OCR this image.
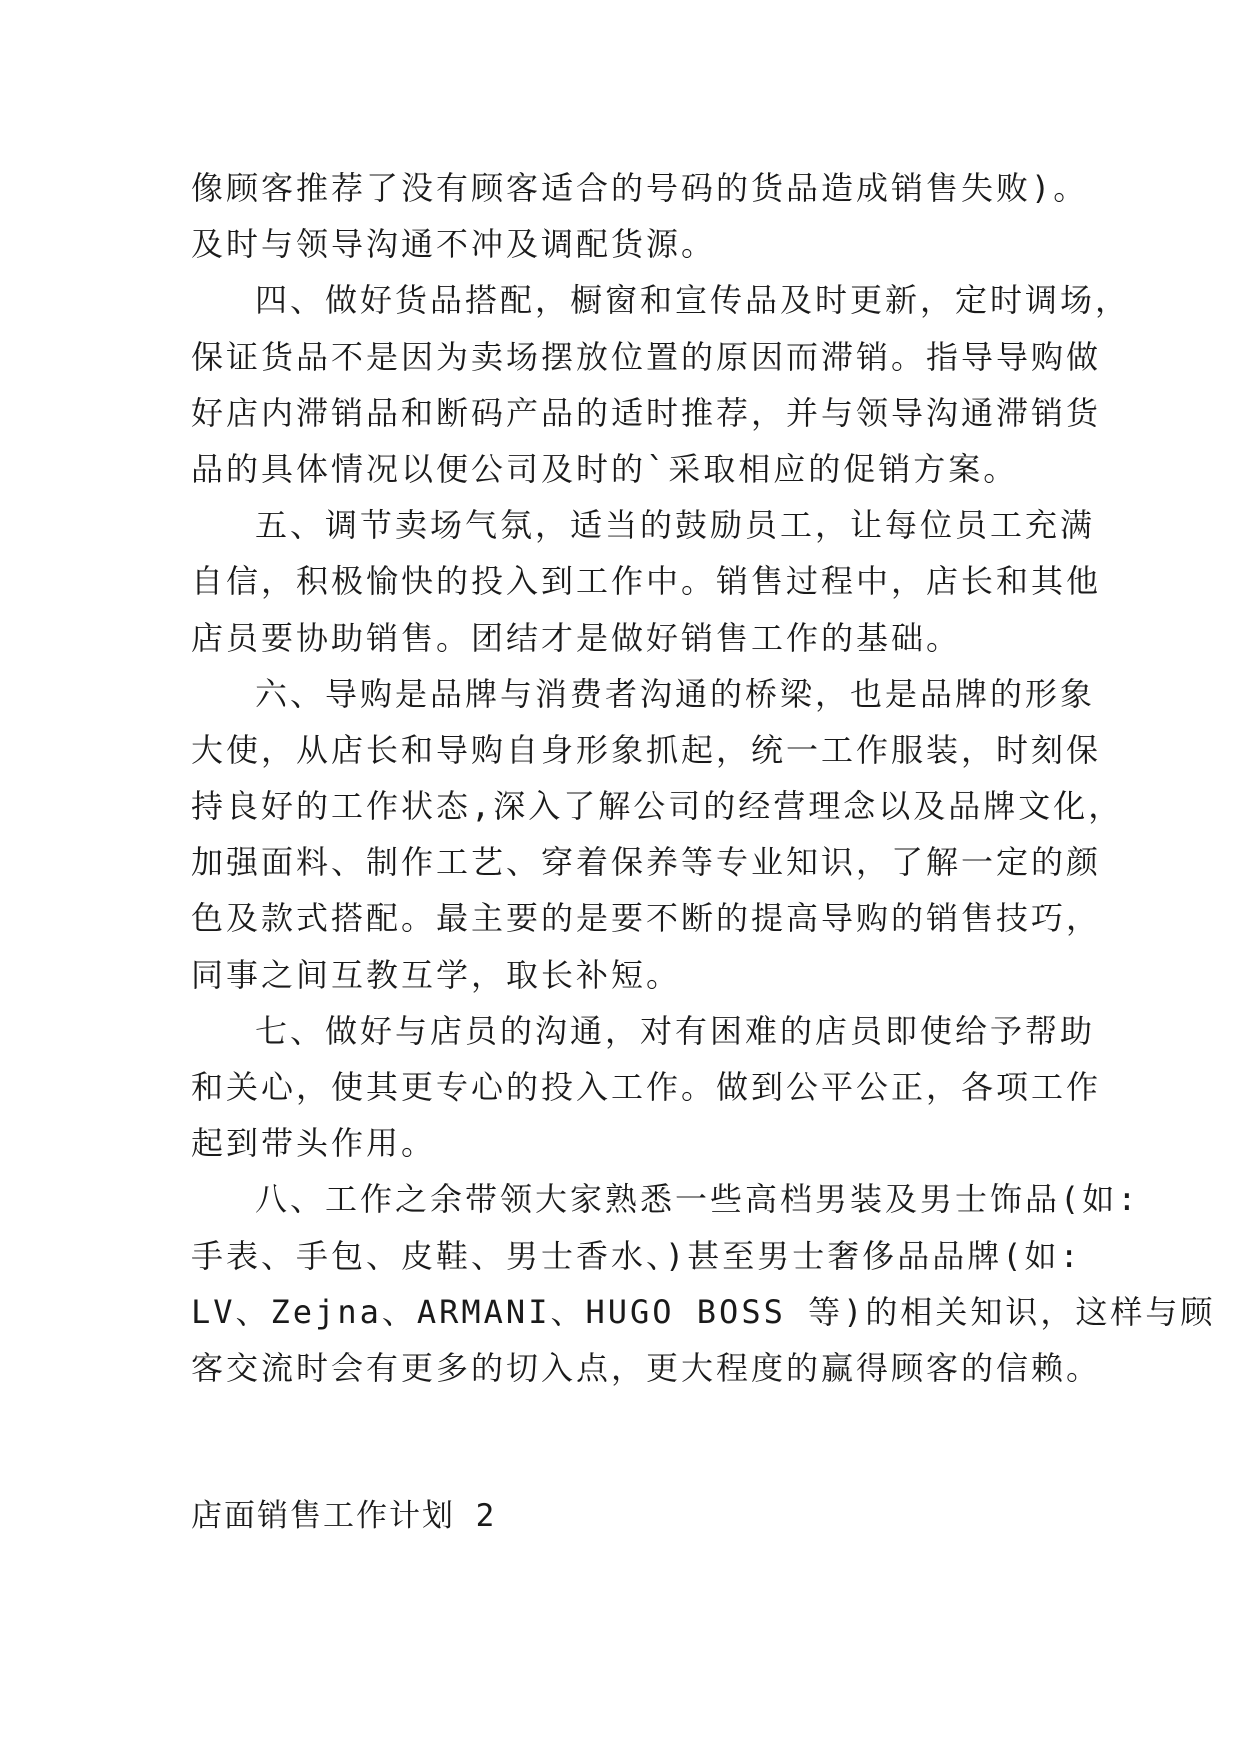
像顾客推荐了没有顾客适合的号码的货品造成销售失败)。
及时与领导沟通不冲及调配货源。
四、做好货品搭配，橱窗和宣传品及时更新，定时调场，
保证货品不是因为卖场摆放位置的原因而滞销。指导导购做
好店内滞销品和断码产品的适时推荐，并与领导沟通滞销货
品的具体情况以便公司及时的`采取相应的促销方案。
五、调节卖场气氛，适当的鼓励员工，让每位员工充满
自信，积极愉快的投入到工作中。销售过程中，店长和其他
店员要协助销售。团结才是做好销售工作的基础。
六、导购是品牌与消费者沟通的桥梁，也是品牌的形象
大使，从店长和导购自身形象抓起，统一工作服装，时刻保
持良好的工作状态,深入了解公司的经营理念以及品牌文化，
加强面料、制作工艺、穿着保养等专业知识，了解一定的颜
色及款式搭配。最主要的是要不断的提高导购的销售技巧，
同事之间互教互学，取长补短。
七、做好与店员的沟通，对有困难的店员即使给予帮助
和关心，使其更专心的投入工作。做到公平公正，各项工作
起到带头作用。
八、工作之余带领大家熟悉一些高档男装及男士饰品(如:
手表、手包、皮鞋、男士香水、)甚至男士奢侈品品牌(如:
LV、Zejna、ARMANI、HUGO BOSS 等)的相关知识，这样与顾
客交流时会有更多的切入点，更大程度的赢得顾客的信赖。
店面销售工作计划 2
